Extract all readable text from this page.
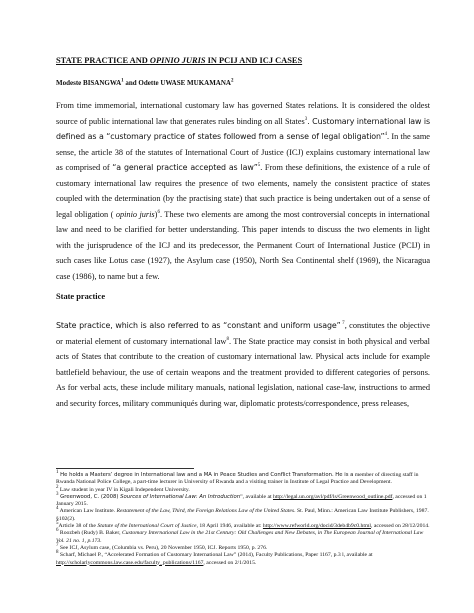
STATE PRACTICE AND OPINIO JURIS IN PCIJ AND ICJ CASES
Modeste BISANGWA$^1$ and Odette UWASE MUKAMANA$^2$

From time immemorial, international customary law has governed States relations. It is considered the oldest source of public international law that generates rules binding on all States$^3$. Customary international law is defined as a “customary practice of states followed from a sense of legal obligation”$^4$. In the same sense, the article 38 of the statutes of International Court of Justice (ICJ) explains customary international law as comprised of “a general practice accepted as law”$^5$. From these definitions, the existence of a rule of customary international law requires the presence of two elements, namely the consistent practice of states coupled with the determination (by the practising state) that such practice is being undertaken out of a sense of legal obligation ( opinio juris)$^6$. These two elements are among the most controversial concepts in international law and need to be clarified for better understanding. This paper intends to discuss the two elements in light with the jurisprudence of the ICJ and its predecessor, the Permanent Court of International Justice (PCIJ) in such cases like Lotus case (1927), the Asylum case (1950), North Sea Continental shelf (1969), the Nicaragua case (1986), to name but a few.

State practice

State practice, which is also referred to as “constant and uniform usage” $^7$, constitutes the objective or material element of customary international law$^8$. The State practice may consist in both physical and verbal acts of States that contribute to the creation of customary international law. Physical acts include for example battlefield behaviour, the use of certain weapons and the treatment provided to different categories of persons. As for verbal acts, these include military manuals, national legislation, national case-law, instructions to armed and security forces, military communiqués during war, diplomatic protests/correspondence, press releases,

$^1$ He holds a Masters’ degree in International law and a MA in Peace Studies and Conflict Transformation. He is a member of directing staff in Rwanda National Police College, a part-time lecturer in University of Rwanda and a visiting trainer in Institute of Legal Practice and Development.

$^2$ Law student in year IV in Kigali Independent University.

$^3$ Greenwood, C. (2008) Sources of International Law: An Introduction”, available at http://legal.un.org/avl/pdf/ls/Greenwood_outline.pdf, accessed on 1 January 2015.

$^4$ American Law Institute. Restatement of the Law, Third, the Foreign Relations Law of the United States. St. Paul, Minn.: American Law Institute Publishers, 1987. §102(2).

$^5$Article 38 of the Statute of the International Court of Justice, 18 April 1946, available at: http://www.refworld.org/docid/3deb4b9c0.html, accessed on 28/12/2014.

$^6$ Roozbeh (Rudy) B. Baker, Customary International Law in the 21st Century: Old Challenges and New Debates, in The European Journal of International Law Vol. 21 no. 1, p.173.

$^7$ See ICJ, Asylum case, (Columbia vs. Peru), 20 November 1950, ICJ. Reports 1950, p. 276.

$^8$ Scharf, Michael P., “Accelerated Formation of Customary International Law” (2014), Faculty Publications, Paper 1167, p.3 l, available at http://scholarlycommons.law.case.edu/faculty_publications/1167, accessed on 2/1/2015.
